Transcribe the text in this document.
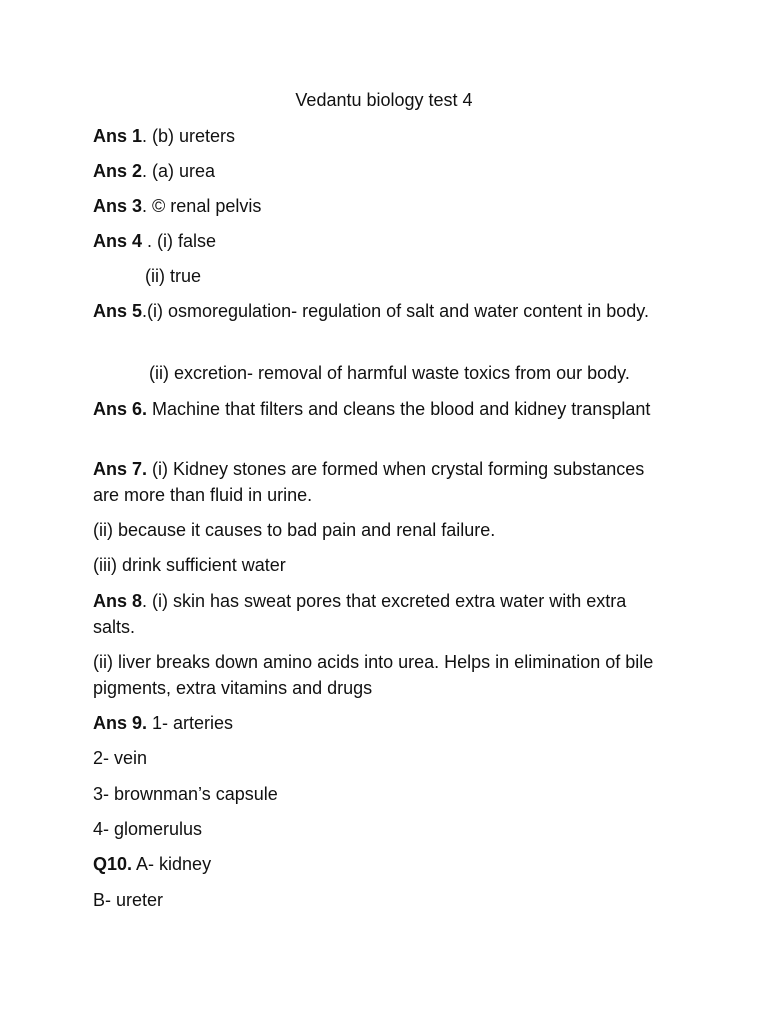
Vedantu biology test 4
Ans 1. (b) ureters
Ans 2. (a) urea
Ans 3. © renal pelvis
Ans 4 . (i) false
(ii) true
Ans 5.(i) osmoregulation- regulation of salt and water content in body.
(ii) excretion- removal of harmful waste toxics from our body.
Ans 6. Machine that filters and cleans the blood and kidney transplant
Ans 7. (i) Kidney stones are formed when crystal forming substances are more than fluid in urine.
(ii) because it causes to bad pain and renal failure.
(iii) drink sufficient water
Ans 8. (i) skin has sweat pores that excreted extra water with extra salts.
(ii) liver breaks down amino acids into urea. Helps in elimination of bile pigments, extra vitamins and drugs
Ans 9. 1- arteries
2- vein
3- brownman’s capsule
4- glomerulus
Q10. A- kidney
B- ureter
